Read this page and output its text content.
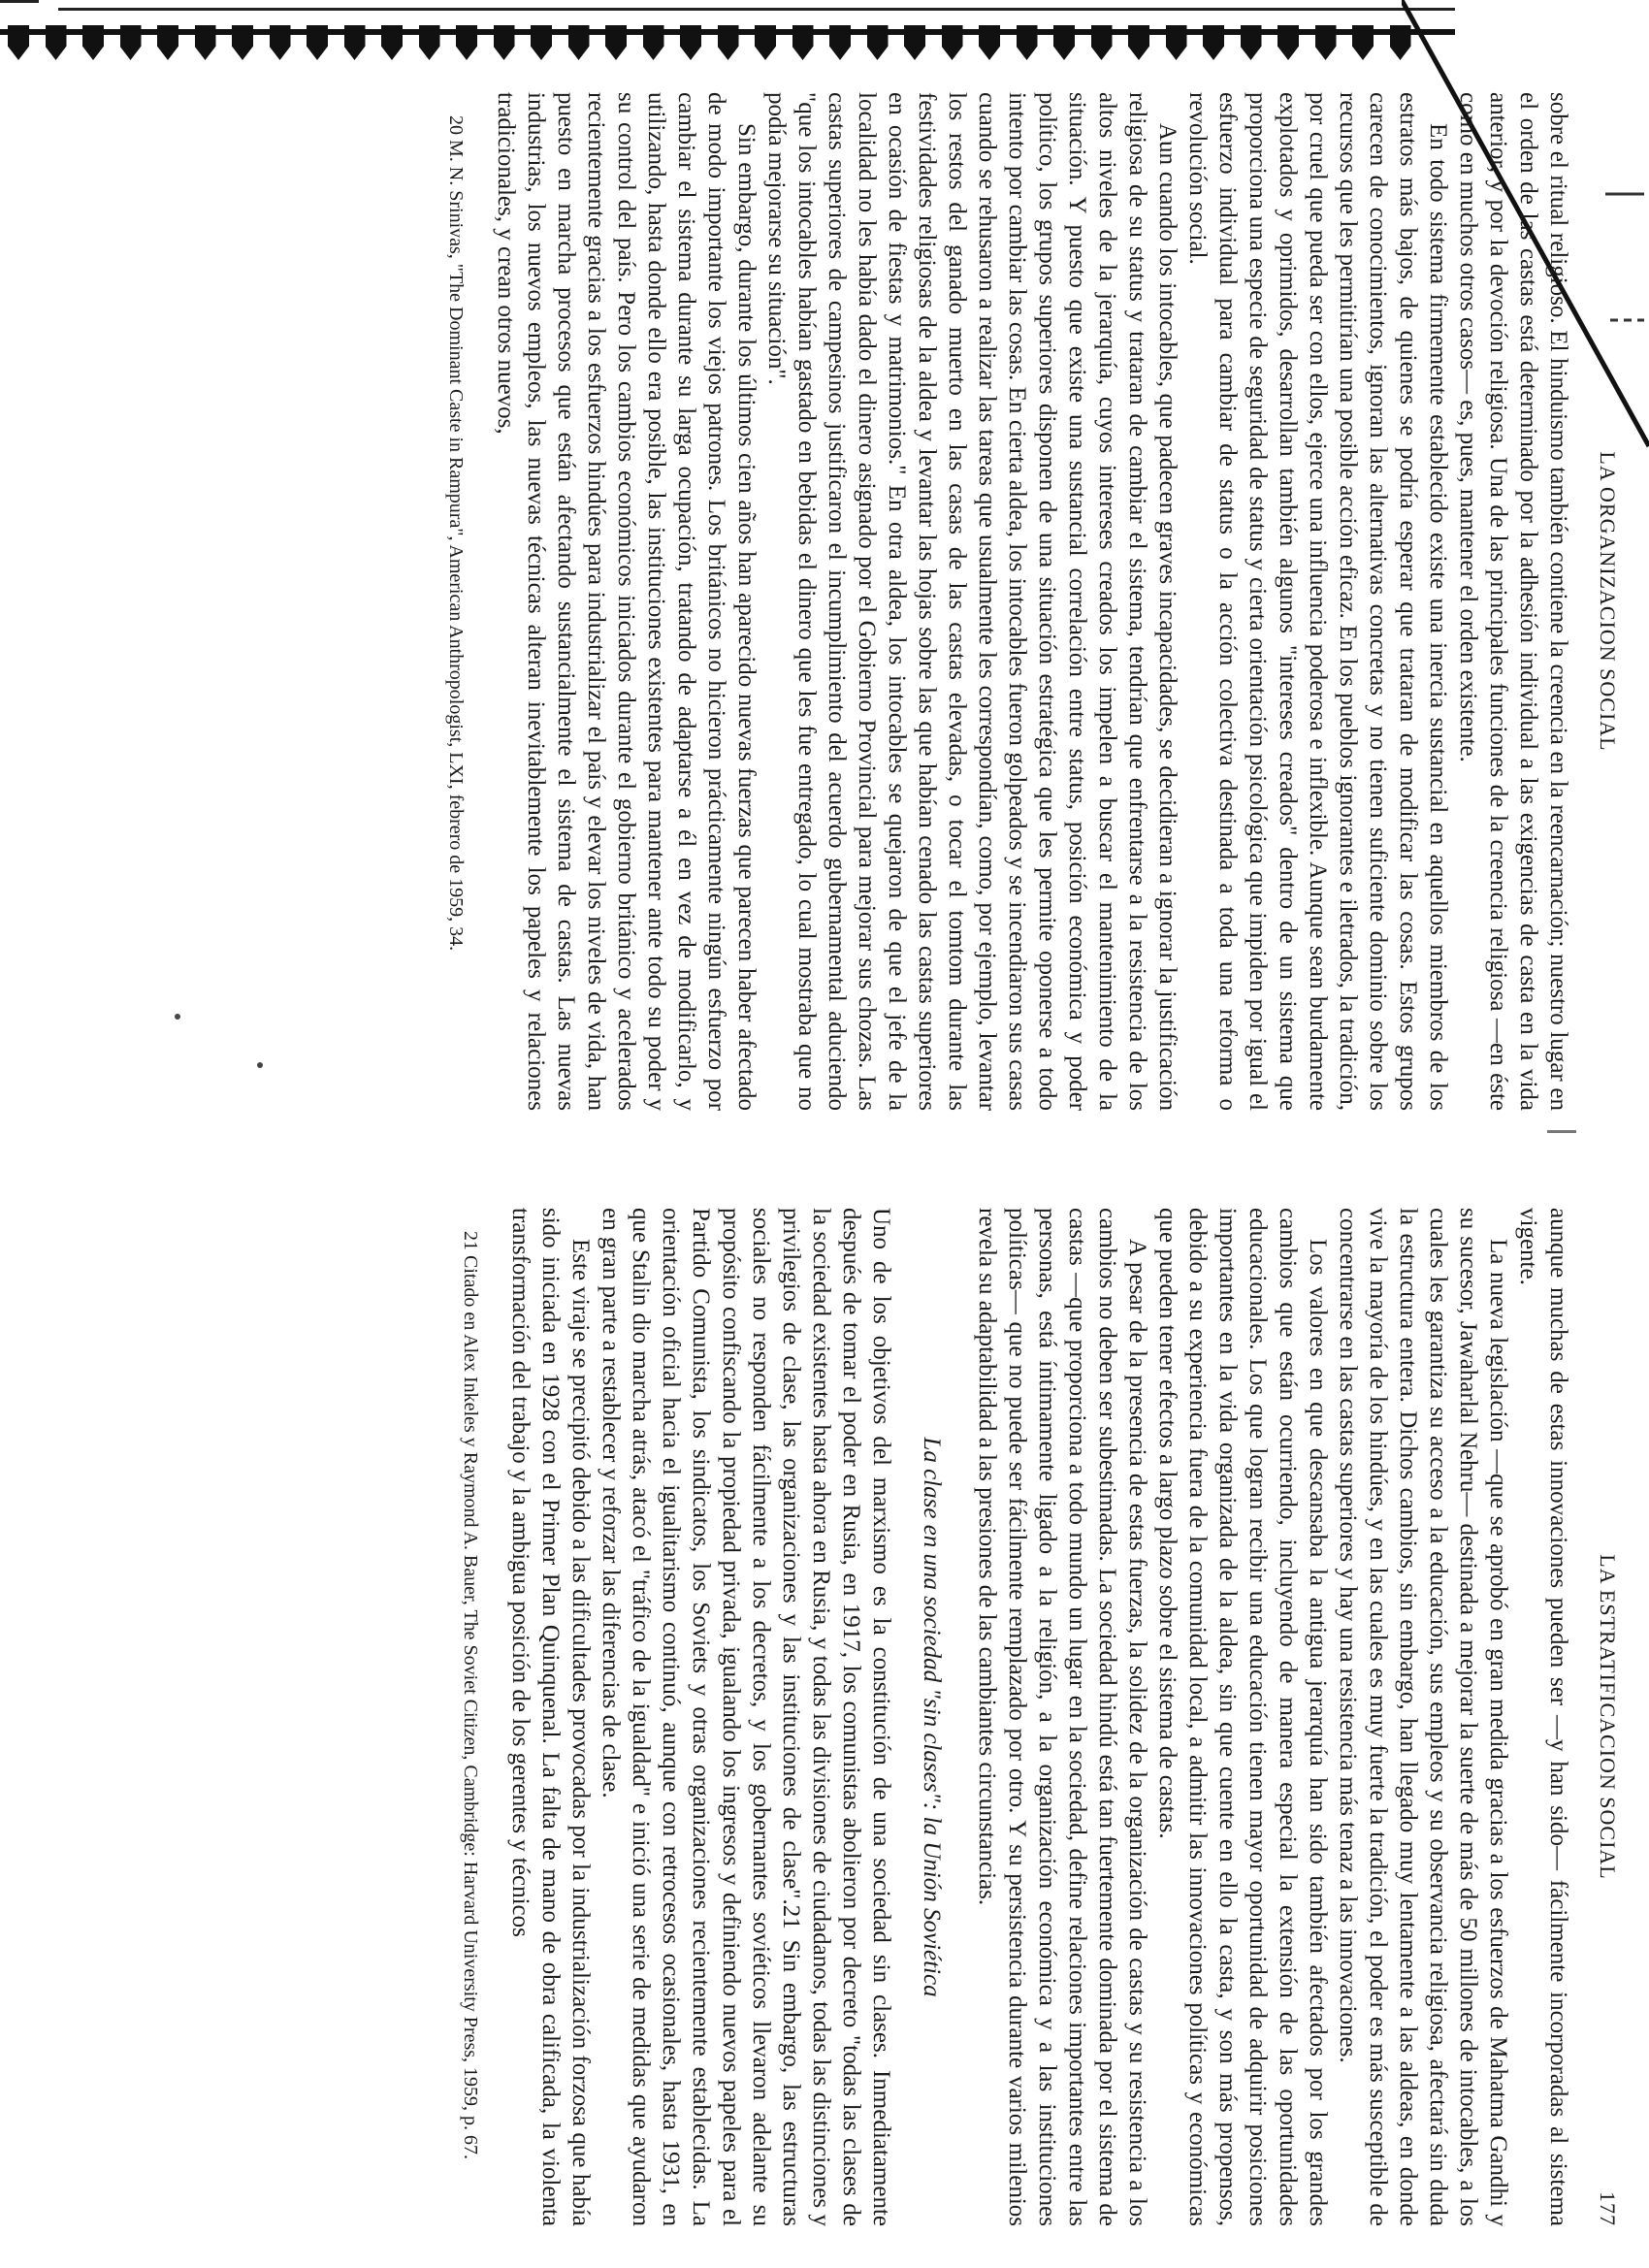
LA ORGANIZACION SOCIAL

sobre el ritual religioso. El hinduismo también contiene la creencia en la reencarnación; nuestro lugar en el orden de las castas está determinado por la adhesión individual a las exigencias de casta en la vida anterior, y por la devoción religiosa. Una de las principales funciones de la creencia religiosa —en éste como en muchos otros casos— es, pues, mantener el orden existente.

En todo sistema firmemente establecido existe una inercia sustancial en aquellos miembros de los estratos más bajos, de quienes se podría esperar que trataran de modificar las cosas. Estos grupos carecen de conocimientos, ignoran las alternativas concretas y no tienen suficiente dominio sobre los recursos que les permitirían una posible acción eficaz. En los pueblos ignorantes e iletrados, la tradición, por cruel que pueda ser con ellos, ejerce una influencia poderosa e inflexible. Aunque sean burdamente explotados y oprimidos, desarrollan también algunos "intereses creados" dentro de un sistema que proporciona una especie de seguridad de status y cierta orientación psicológica que impiden por igual el esfuerzo individual para cambiar de status o la acción colectiva destinada a toda una reforma o revolución social.

Aun cuando los intocables, que padecen graves incapacidades, se decidieran a ignorar la justificación religiosa de su status y trataran de cambiar el sistema, tendrían que enfrentarse a la resistencia de los altos niveles de la jerarquía, cuyos intereses creados los impelen a buscar el mantenimiento de la situación. Y puesto que existe una sustancial correlación entre status, posición económica y poder político, los grupos superiores disponen de una situación estratégica que les permite oponerse a todo intento por cambiar las cosas. En cierta aldea, los intocables fueron golpeados y se incendiaron sus casas cuando se rehusaron a realizar las tareas que usualmente les correspondían, como, por ejemplo, levantar los restos del ganado muerto en las casas de las castas elevadas, o tocar el tomtom durante las festividades religiosas de la aldea y levantar las hojas sobre las que habían cenado las castas superiores en ocasión de fiestas y matrimonios." En otra aldea, los intocables se quejaron de que el jefe de la localidad no les había dado el dinero asignado por el Gobierno Provincial para mejorar sus chozas. Las castas superiores de campesinos justificaron el incumplimiento del acuerdo gubernamental aduciendo "que los intocables habían gastado en bebidas el dinero que les fue entregado, lo cual mostraba que no podía mejorarse su situación".

Sin embargo, durante los últimos cien años han aparecido nuevas fuerzas que parecen haber afectado de modo importante los viejos patrones. Los británicos no hicieron prácticamente ningún esfuerzo por cambiar el sistema durante su larga ocupación, tratando de adaptarse a él en vez de modificarlo, y utilizando, hasta donde ello era posible, las instituciones existentes para mantener ante todo su poder y su control del país. Pero los cambios económicos iniciados durante el gobierno británico y acelerados recientemente gracias a los esfuerzos hindúes para industrializar el país y elevar los niveles de vida, han puesto en marcha procesos que están afectando sustancialmente el sistema de castas. Las nuevas industrias, los nuevos empleos, las nuevas técnicas alteran inevitablemente los papeles y relaciones tradicionales, y crean otros nuevos,

20 M. N. Srinivas, "The Dominant Caste in Rampura", American Anthropologist, LXI, febrero de 1959, 34.

LA ESTRATIFICACION SOCIAL
177

aunque muchas de estas innovaciones pueden ser —y han sido— fácilmente incorporadas al sistema vigente.

La nueva legislación —que se aprobó en gran medida gracias a los esfuerzos de Mahatma Gandhi y su sucesor, Jawaharlal Nehru— destinada a mejorar la suerte de más de 50 millones de intocables, a los cuales les garantiza su acceso a la educación, sus empleos y su observancia religiosa, afectará sin duda la estructura entera. Dichos cambios, sin embargo, han llegado muy lentamente a las aldeas, en donde vive la mayoría de los hindúes, y en las cuales es muy fuerte la tradición, el poder es más susceptible de concentrarse en las castas superiores y hay una resistencia más tenaz a las innovaciones.

Los valores en que descansaba la antigua jerarquía han sido también afectados por los grandes cambios que están ocurriendo, incluyendo de manera especial la extensión de las oportunidades educacionales. Los que logran recibir una educación tienen mayor oportunidad de adquirir posiciones importantes en la vida organizada de la aldea, sin que cuente en ello la casta, y son más propensos, debido a su experiencia fuera de la comunidad local, a admitir las innovaciones políticas y económicas que pueden tener efectos a largo plazo sobre el sistema de castas.

A pesar de la presencia de estas fuerzas, la solidez de la organización de castas y su resistencia a los cambios no deben ser subestimadas. La sociedad hindú está tan fuertemente dominada por el sistema de castas —que proporciona a todo mundo un lugar en la sociedad, define relaciones importantes entre las personas, está íntimamente ligado a la religión, a la organización económica y a las instituciones políticas— que no puede ser fácilmente remplazado por otro. Y su persistencia durante varios milenios revela su adaptabilidad a las presiones de las cambiantes circunstancias.

La clase en una sociedad "sin clases": la Unión Soviética

Uno de los objetivos del marxismo es la constitución de una sociedad sin clases. Inmediatamente después de tomar el poder en Rusia, en 1917, los comunistas abolieron por decreto "todas las clases de la sociedad existentes hasta ahora en Rusia, y todas las divisiones de ciudadanos, todas las distinciones y privilegios de clase, las organizaciones y las instituciones de clase".21 Sin embargo, las estructuras sociales no responden fácilmente a los decretos, y los gobernantes soviéticos llevaron adelante su propósito confiscando la propiedad privada, igualando los ingresos y definiendo nuevos papeles para el Partido Comunista, los sindicatos, los Soviets y otras organizaciones recientemente establecidas. La orientación oficial hacia el igualitarismo continuó, aunque con retrocesos ocasionales, hasta 1931, en que Stalin dio marcha atrás, atacó el "tráfico de la igualdad" e inició una serie de medidas que ayudaron en gran parte a restablecer y reforzar las diferencias de clase.

Este viraje se precipitó debido a las dificultades provocadas por la industrialización forzosa que había sido iniciada en 1928 con el Primer Plan Quinquenal. La falta de mano de obra calificada, la violenta transformación del trabajo y la ambigua posición de los gerentes y técnicos

21 Citado en Alex Inkeles y Raymond A. Bauer, The Soviet Citizen, Cambridge: Harvard University Press, 1959, p. 67.
